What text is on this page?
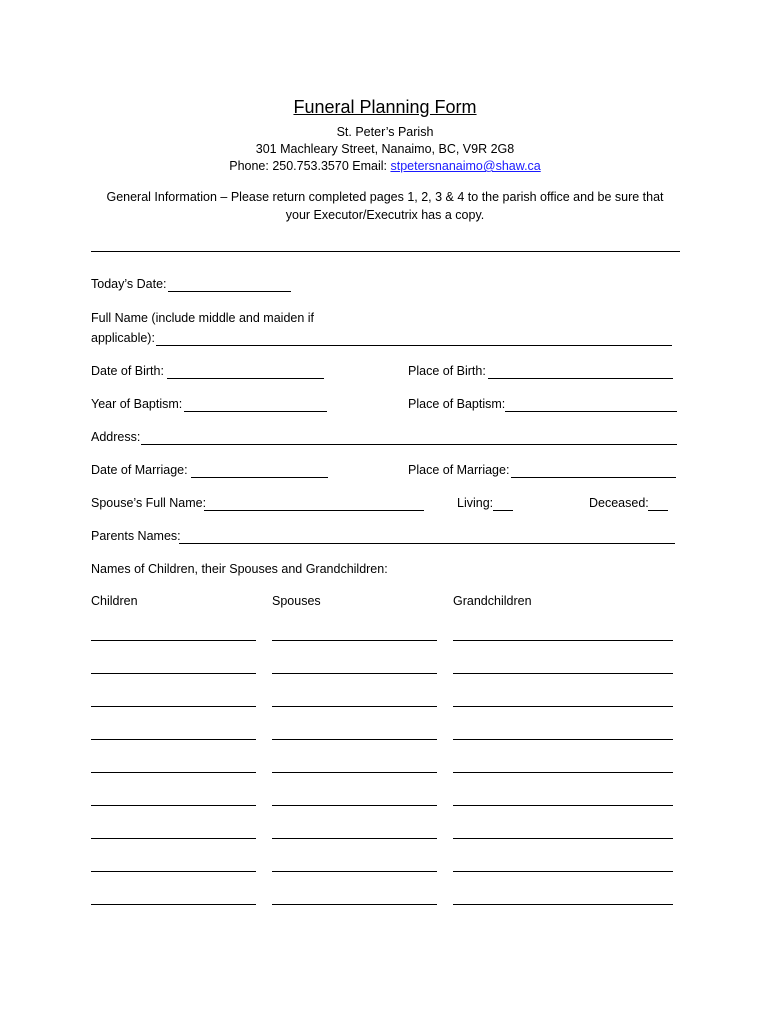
Funeral Planning Form
St. Peter’s Parish
301 Machleary Street, Nanaimo, BC, V9R 2G8
Phone: 250.753.3570 Email: stpetersnanaimo@shaw.ca
General Information – Please return completed pages 1, 2, 3 & 4 to the parish office and be sure that your Executor/Executrix has a copy.
Today’s Date:
Full Name (include middle and maiden if
applicable):
Date of Birth:	Place of Birth:
Year of Baptism:	Place of Baptism:
Address:
Date of Marriage:	Place of Marriage:
Spouse’s Full Name:	Living:	Deceased:
Parents Names:
Names of Children, their Spouses and Grandchildren:
Children	Spouses	Grandchildren
